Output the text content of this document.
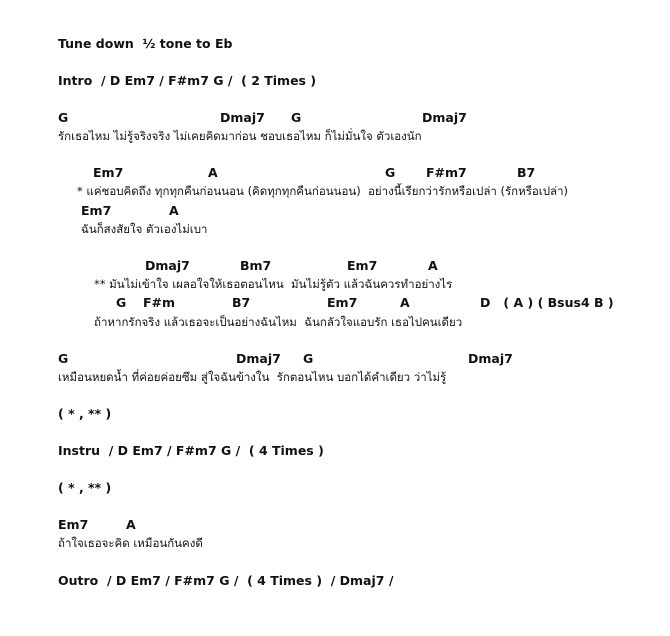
Tune down  ½ tone to Eb
Intro  / D Em7 / F#m7 G /  ( 2 Times )
G	Dmaj7 G	Dmaj7
รักเธอไหม ไม่รู้จริงจริง ไม่เคยคิดมาก่อน ชอบเธอไหม ก็ไม่มั่นใจ ตัวเองนัก
Em7	A	G F#m7	B7
* แค่ชอบคิดถึง ทุกทุกคืนก่อนนอน (คิดทุกทุกคืนก่อนนอน)  อย่างนี้เรียกว่ารักหรือเปล่า (รักหรือเปล่า)
Em7	A
ฉันก็สงสัยใจ ตัวเองไม่เบา
Dmaj7	Bm7	Em7	A
** มันไม่เข้าใจ เผลอใจให้เธอตอนไหน  มันไม่รู้ตัว แล้วฉันควรทำอย่างไร
G F#m	B7	Em7	A	D   ( A ) ( Bsus4 B )
ถ้าหากรักจริง แล้วเธอจะเป็นอย่างฉันไหม  ฉันกลัวใจแอบรัก เธอไปคนเดียว
G	Dmaj7 G	Dmaj7
เหมือนหยดน้ำ ที่ค่อยค่อยซึม สู่ใจฉันข้างใน  รักตอนไหน บอกได้คำเดียว ว่าไม่รู้
( * , ** )
Instru  / D Em7 / F#m7 G /  ( 4 Times )
( * , ** )
Em7	A
ถ้าใจเธอจะคิด เหมือนกันคงดี
Outro  / D Em7 / F#m7 G /  ( 4 Times )  / Dmaj7 /
